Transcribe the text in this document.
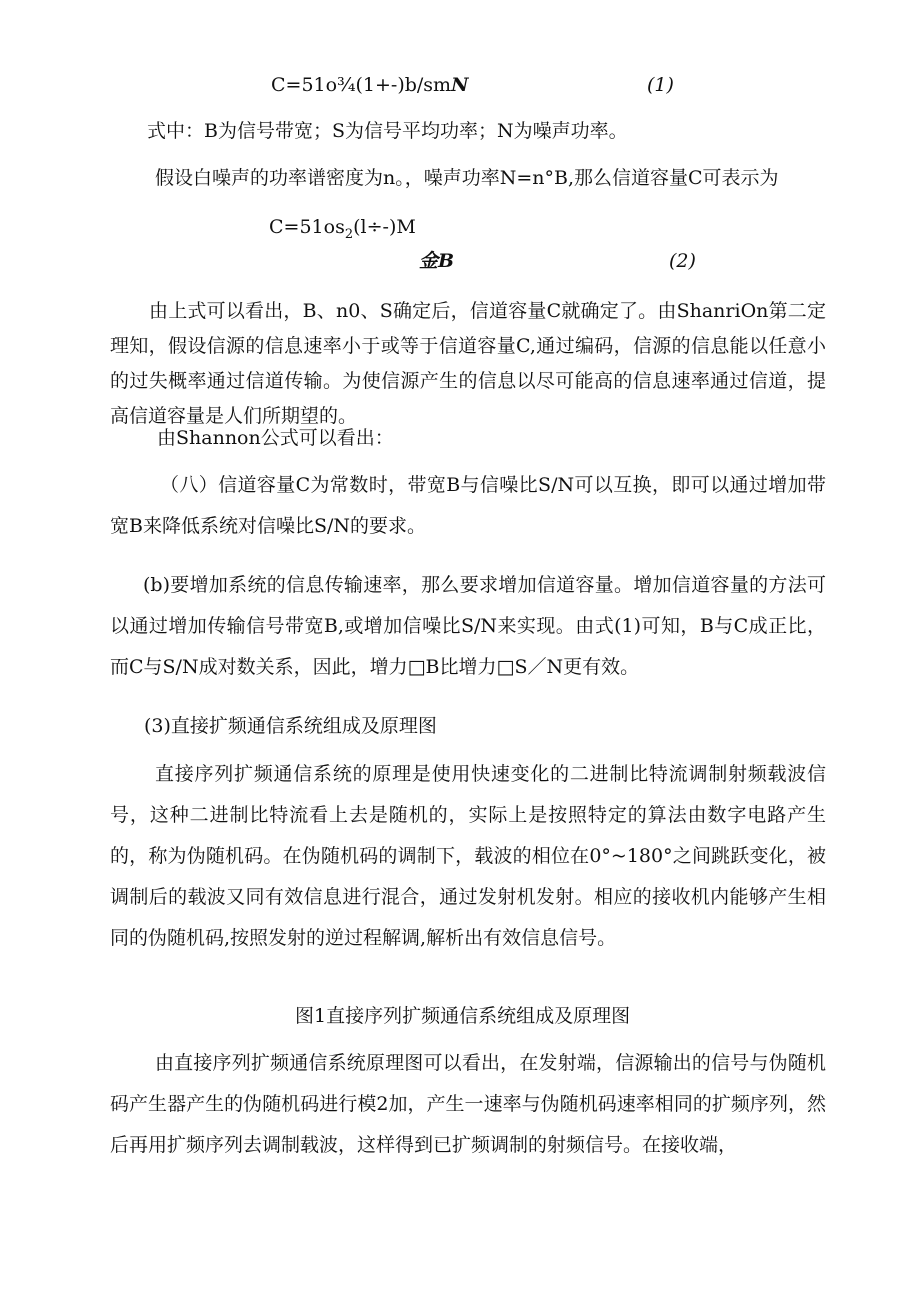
C=51o¾(1+-)b/smN	(1)
式中：B为信号带宽；S为信号平均功率；N为噪声功率。
假设白噪声的功率谱密度为n。，噪声功率N=n°B,那么信道容量C可表示为
$C=51os_2(l\div-)M$
金B	(2)
由上式可以看出，B、n0、S确定后，信道容量C就确定了。由ShanriOn第二定理知，假设信源的信息速率小于或等于信道容量C,通过编码，信源的信息能以任意小的过失概率通过信道传输。为使信源产生的信息以尽可能高的信息速率通过信道，提高信道容量是人们所期望的。
由Shannon公式可以看出：
（八）信道容量C为常数时，带宽B与信噪比S/N可以互换，即可以通过增加带宽B来降低系统对信噪比S/N的要求。
(b)要增加系统的信息传输速率，那么要求增加信道容量。增加信道容量的方法可以通过增加传输信号带宽B,或增加信噪比S/N来实现。由式(1)可知，B与C成正比，而C与S/N成对数关系，因此，增力□B比增力□S／N更有效。
(3)直接扩频通信系统组成及原理图
直接序列扩频通信系统的原理是使用快速变化的二进制比特流调制射频载波信号，这种二进制比特流看上去是随机的，实际上是按照特定的算法由数字电路产生的，称为伪随机码。在伪随机码的调制下，载波的相位在0°~180°之间跳跃变化，被调制后的载波又同有效信息进行混合，通过发射机发射。相应的接收机内能够产生相同的伪随机码,按照发射的逆过程解调,解析出有效信息信号。
图1直接序列扩频通信系统组成及原理图
由直接序列扩频通信系统原理图可以看出，在发射端，信源输出的信号与伪随机码产生器产生的伪随机码进行模2加，产生一速率与伪随机码速率相同的扩频序列，然后再用扩频序列去调制载波，这样得到已扩频调制的射频信号。在接收端，
